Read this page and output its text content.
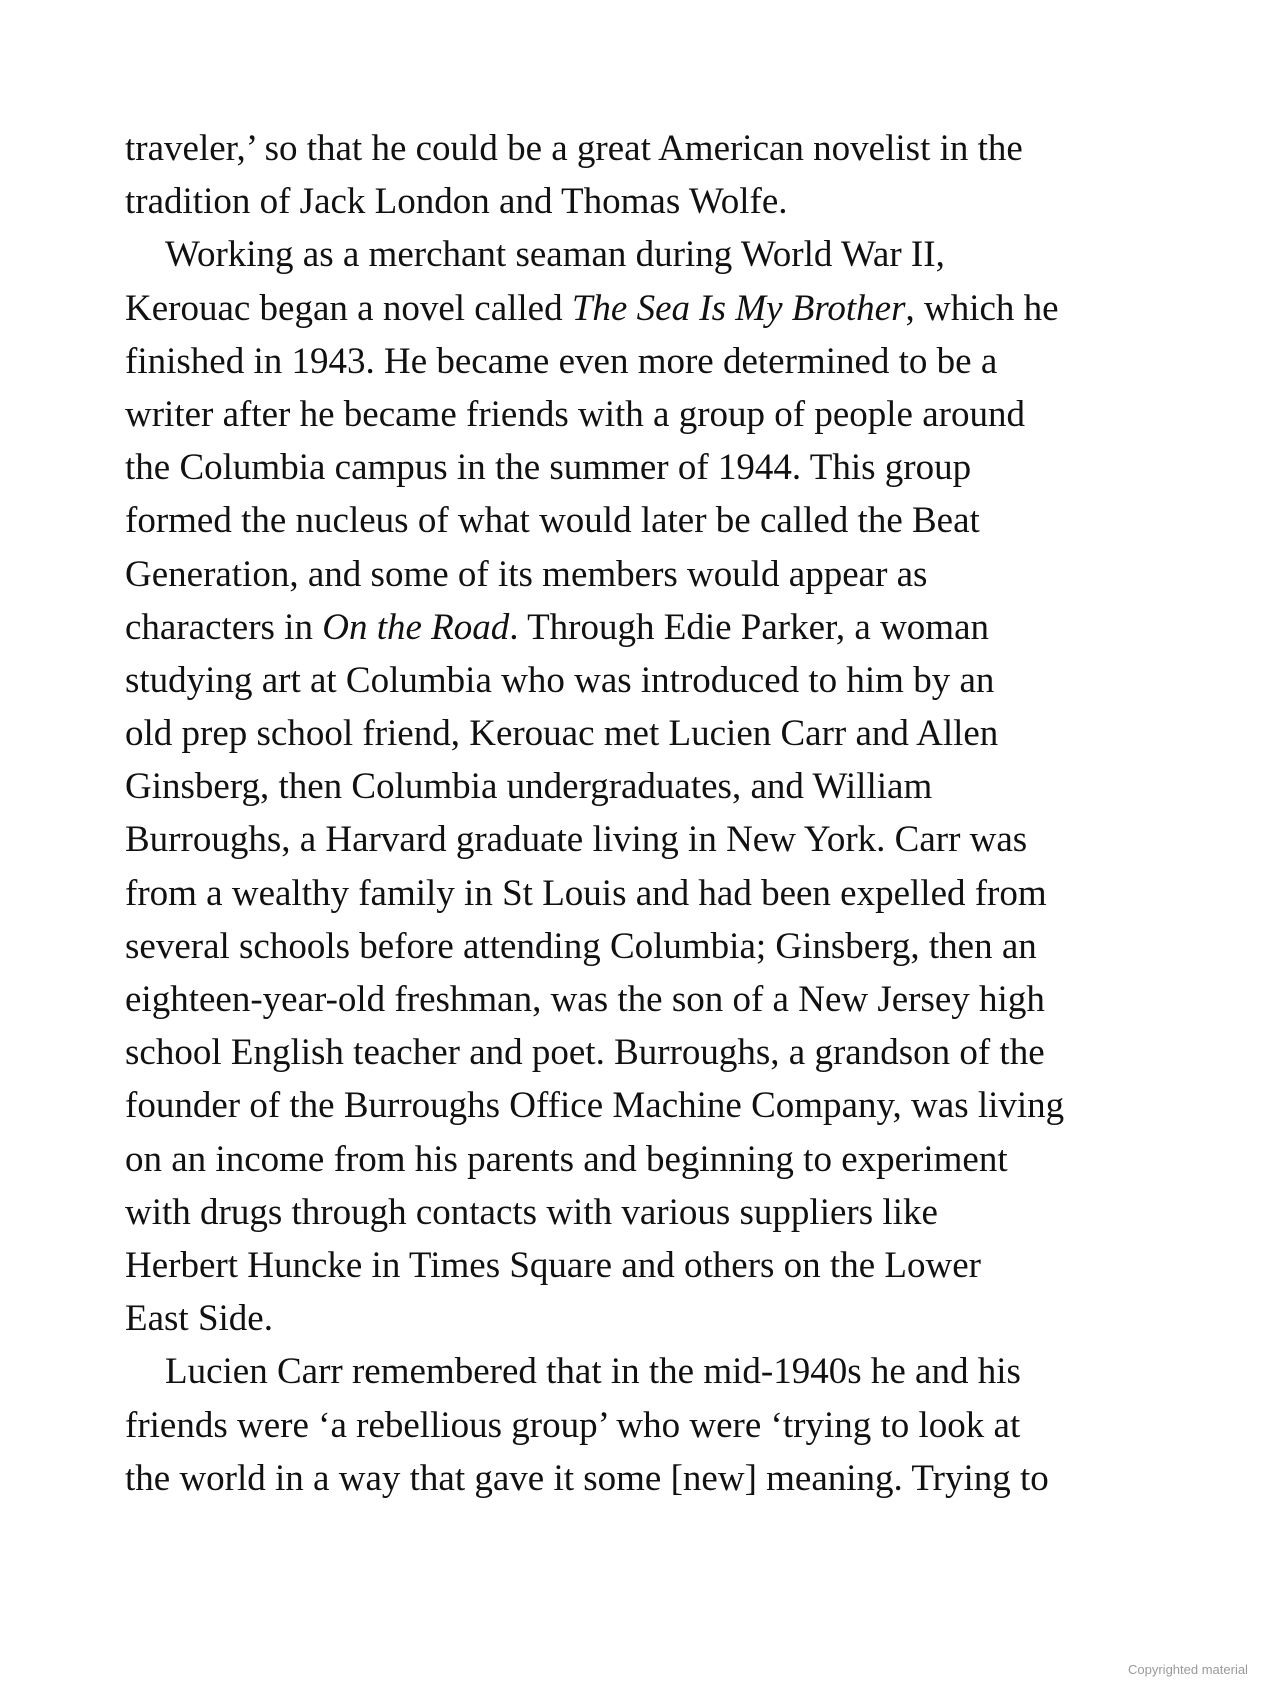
traveler,’ so that he could be a great American novelist in the
tradition of Jack London and Thomas Wolfe.
Working as a merchant seaman during World War II,
Kerouac began a novel called The Sea Is My Brother, which he
finished in 1943. He became even more determined to be a
writer after he became friends with a group of people around
the Columbia campus in the summer of 1944. This group
formed the nucleus of what would later be called the Beat
Generation, and some of its members would appear as
characters in On the Road. Through Edie Parker, a woman
studying art at Columbia who was introduced to him by an
old prep school friend, Kerouac met Lucien Carr and Allen
Ginsberg, then Columbia undergraduates, and William
Burroughs, a Harvard graduate living in New York. Carr was
from a wealthy family in St Louis and had been expelled from
several schools before attending Columbia; Ginsberg, then an
eighteen-year-old freshman, was the son of a New Jersey high
school English teacher and poet. Burroughs, a grandson of the
founder of the Burroughs Office Machine Company, was living
on an income from his parents and beginning to experiment
with drugs through contacts with various suppliers like
Herbert Huncke in Times Square and others on the Lower
East Side.
Lucien Carr remembered that in the mid-1940s he and his
friends were ‘a rebellious group’ who were ‘trying to look at
the world in a way that gave it some [new] meaning. Trying to
Copyrighted material
